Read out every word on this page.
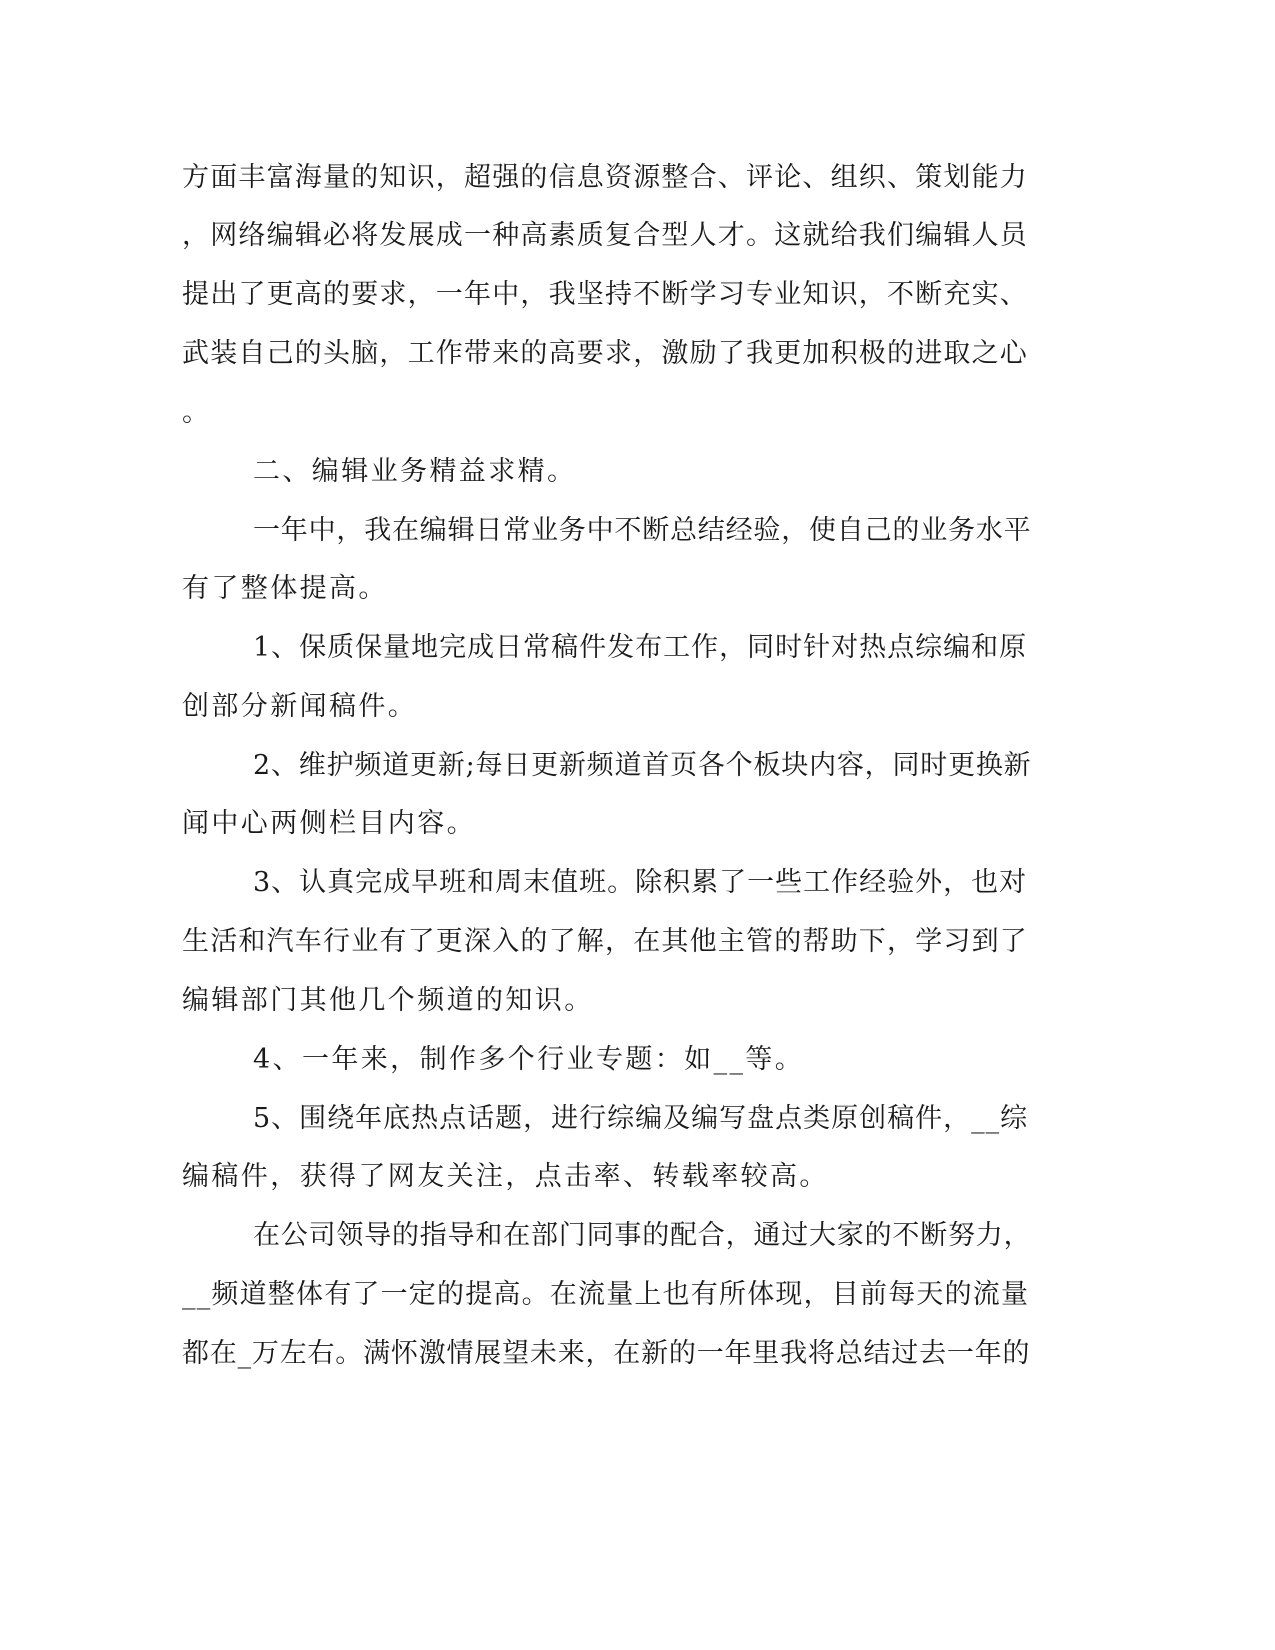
方面丰富海量的知识，超强的信息资源整合、评论、组织、策划能力
，网络编辑必将发展成一种高素质复合型人才。这就给我们编辑人员
提出了更高的要求，一年中，我坚持不断学习专业知识，不断充实、
武装自己的头脑，工作带来的高要求，激励了我更加积极的进取之心
。
二、编辑业务精益求精。
一年中，我在编辑日常业务中不断总结经验，使自己的业务水平
有了整体提高。
1、保质保量地完成日常稿件发布工作，同时针对热点综编和原
创部分新闻稿件。
2、维护频道更新;每日更新频道首页各个板块内容，同时更换新
闻中心两侧栏目内容。
3、认真完成早班和周末值班。除积累了一些工作经验外，也对
生活和汽车行业有了更深入的了解，在其他主管的帮助下，学习到了
编辑部门其他几个频道的知识。
4、一年来，制作多个行业专题：如__等。
5、围绕年底热点话题，进行综编及编写盘点类原创稿件，__综
编稿件，获得了网友关注，点击率、转载率较高。
在公司领导的指导和在部门同事的配合，通过大家的不断努力，
__频道整体有了一定的提高。在流量上也有所体现，目前每天的流量
都在_万左右。满怀激情展望未来，在新的一年里我将总结过去一年的
